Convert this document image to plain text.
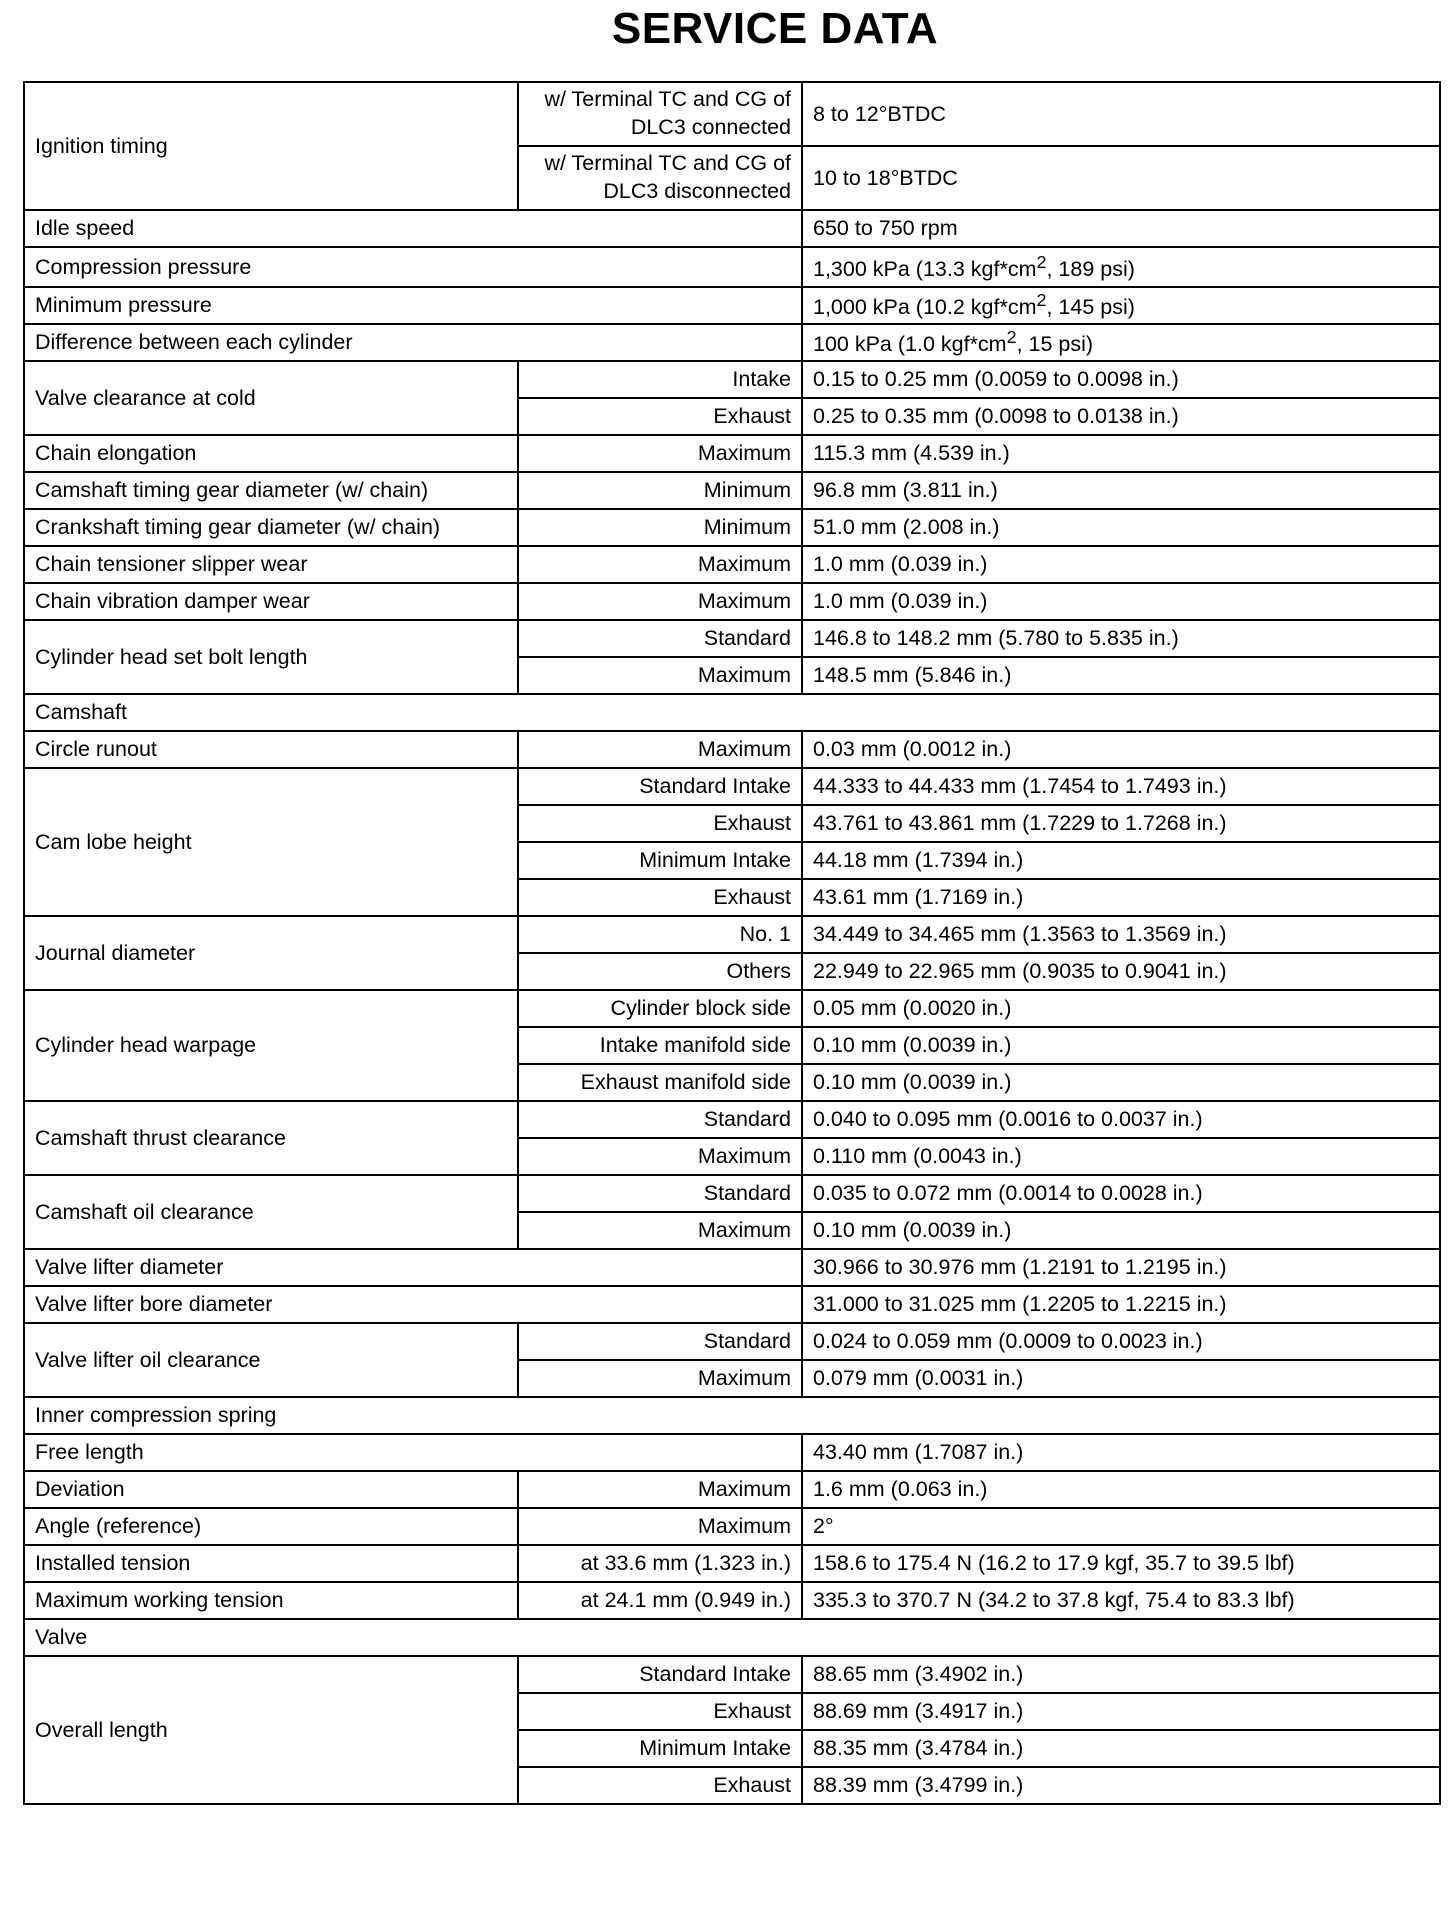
SERVICE DATA
Ignition timing	w/ Terminal TC and CG of DLC3 connected	8 to 12°BTDC
	w/ Terminal TC and CG of DLC3 disconnected	10 to 18°BTDC
Idle speed		650 to 750 rpm
Compression pressure		1,300 kPa (13.3 $kgf*cm^2$, 189 psi)
Minimum pressure		1,000 kPa (10.2 $kgf*cm^2$, 145 psi)
Difference between each cylinder		100 kPa (1.0 $kgf*cm^2$, 15 psi)
Valve clearance at cold	Intake	0.15 to 0.25 mm (0.0059 to 0.0098 in.)
	Exhaust	0.25 to 0.35 mm (0.0098 to 0.0138 in.)
Chain elongation	Maximum	115.3 mm (4.539 in.)
Camshaft timing gear diameter (w/ chain)	Minimum	96.8 mm (3.811 in.)
Crankshaft timing gear diameter (w/ chain)	Minimum	51.0 mm (2.008 in.)
Chain tensioner slipper wear	Maximum	1.0 mm (0.039 in.)
Chain vibration damper wear	Maximum	1.0 mm (0.039 in.)
Cylinder head set bolt length	Standard	146.8 to 148.2 mm (5.780 to 5.835 in.)
	Maximum	148.5 mm (5.846 in.)
Camshaft		
Circle runout	Maximum	0.03 mm (0.0012 in.)
Cam lobe height	Standard Intake	44.333 to 44.433 mm (1.7454 to 1.7493 in.)
	Exhaust	43.761 to 43.861 mm (1.7229 to 1.7268 in.)
	Minimum Intake	44.18 mm (1.7394 in.)
	Exhaust	43.61 mm (1.7169 in.)
Journal diameter	No. 1	34.449 to 34.465 mm (1.3563 to 1.3569 in.)
	Others	22.949 to 22.965 mm (0.9035 to 0.9041 in.)
Cylinder head warpage	Cylinder block side	0.05 mm (0.0020 in.)
	Intake manifold side	0.10 mm (0.0039 in.)
	Exhaust manifold side	0.10 mm (0.0039 in.)
Camshaft thrust clearance	Standard	0.040 to 0.095 mm (0.0016 to 0.0037 in.)
	Maximum	0.110 mm (0.0043 in.)
Camshaft oil clearance	Standard	0.035 to 0.072 mm (0.0014 to 0.0028 in.)
	Maximum	0.10 mm (0.0039 in.)
Valve lifter diameter		30.966 to 30.976 mm (1.2191 to 1.2195 in.)
Valve lifter bore diameter		31.000 to 31.025 mm (1.2205 to 1.2215 in.)
Valve lifter oil clearance	Standard	0.024 to 0.059 mm (0.0009 to 0.0023 in.)
	Maximum	0.079 mm (0.0031 in.)
Inner compression spring		
Free length		43.40 mm (1.7087 in.)
Deviation	Maximum	1.6 mm (0.063 in.)
Angle (reference)	Maximum	2°
Installed tension	at 33.6 mm (1.323 in.)	158.6 to 175.4 N (16.2 to 17.9 kgf, 35.7 to 39.5 lbf)
Maximum working tension	at 24.1 mm (0.949 in.)	335.3 to 370.7 N (34.2 to 37.8 kgf, 75.4 to 83.3 lbf)
Valve		
Overall length	Standard Intake	88.65 mm (3.4902 in.)
	Exhaust	88.69 mm (3.4917 in.)
	Minimum Intake	88.35 mm (3.4784 in.)
	Exhaust	88.39 mm (3.4799 in.)
